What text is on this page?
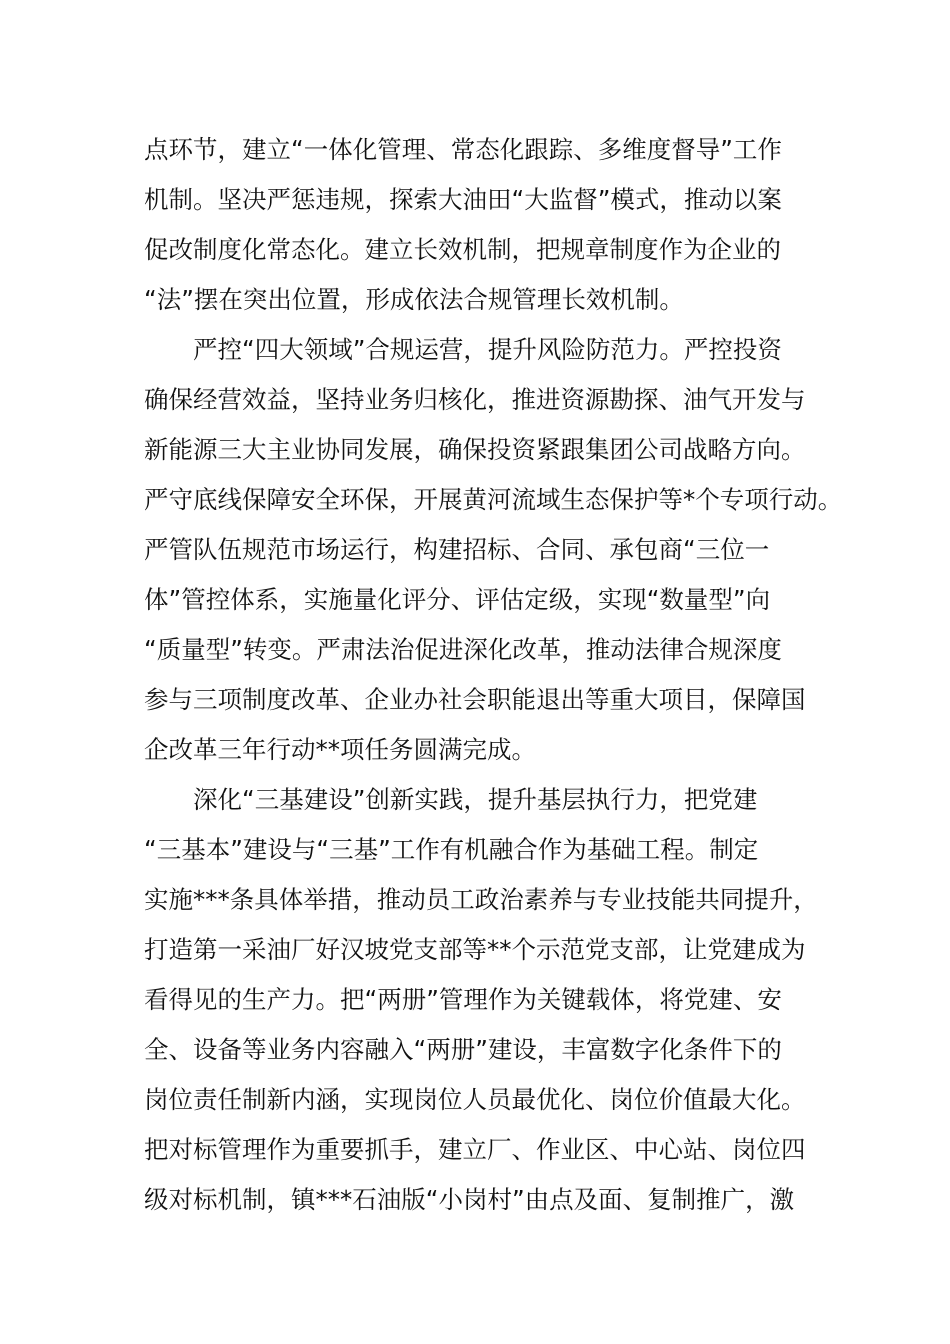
点环节，建立“一体化管理、常态化跟踪、多维度督导”工作
机制。坚决严惩违规，探索大油田“大监督”模式，推动以案
促改制度化常态化。建立长效机制，把规章制度作为企业的
“法”摆在突出位置，形成依法合规管理长效机制。
　　严控“四大领域”合规运营，提升风险防范力。严控投资
确保经营效益，坚持业务归核化，推进资源勘探、油气开发与
新能源三大主业协同发展，确保投资紧跟集团公司战略方向。
严守底线保障安全环保，开展黄河流域生态保护等*个专项行动。
严管队伍规范市场运行，构建招标、合同、承包商“三位一
体”管控体系，实施量化评分、评估定级，实现“数量型”向
“质量型”转变。严肃法治促进深化改革，推动法律合规深度
参与三项制度改革、企业办社会职能退出等重大项目，保障国
企改革三年行动**项任务圆满完成。
　　深化“三基建设”创新实践，提升基层执行力，把党建
“三基本”建设与“三基”工作有机融合作为基础工程。制定
实施***条具体举措，推动员工政治素养与专业技能共同提升，
打造第一采油厂好汉坡党支部等**个示范党支部，让党建成为
看得见的生产力。把“两册”管理作为关键载体，将党建、安
全、设备等业务内容融入“两册”建设，丰富数字化条件下的
岗位责任制新内涵，实现岗位人员最优化、岗位价值最大化。
把对标管理作为重要抓手，建立厂、作业区、中心站、岗位四
级对标机制，镇***石油版“小岗村”由点及面、复制推广，激
